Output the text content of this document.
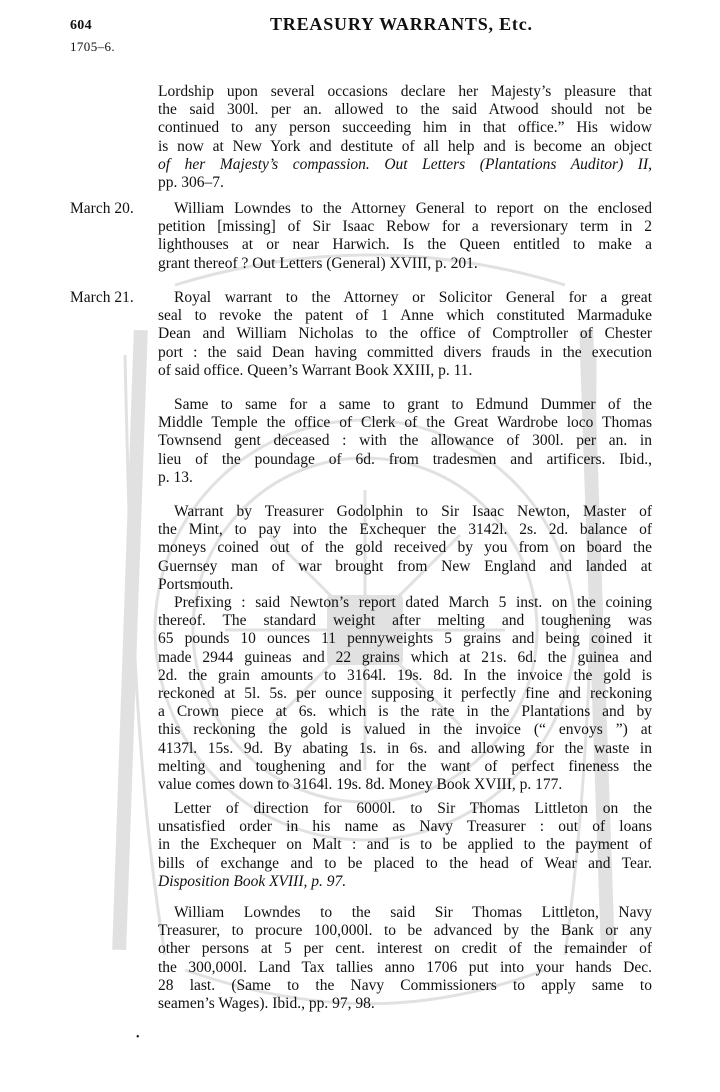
604	TREASURY WARRANTS, Etc.
1705–6.

Lordship upon several occasions declare her Majesty’s pleasure that
the said 300l. per an. allowed to the said Atwood should not be
continued to any person succeeding him in that office.” His widow
is now at New York and destitute of all help and is become an object
of her Majesty’s compassion. Out Letters (Plantations Auditor) II,
pp. 306–7.

March 20.	William Lowndes to the Attorney General to report on the enclosed
petition [missing] of Sir Isaac Rebow for a reversionary term in 2
lighthouses at or near Harwich. Is the Queen entitled to make a
grant thereof ? Out Letters (General) XVIII, p. 201.

March 21.	Royal warrant to the Attorney or Solicitor General for a great
seal to revoke the patent of 1 Anne which constituted Marmaduke
Dean and William Nicholas to the office of Comptroller of Chester
port : the said Dean having committed divers frauds in the execution
of said office. Queen’s Warrant Book XXIII, p. 11.

Same to same for a same to grant to Edmund Dummer of the
Middle Temple the office of Clerk of the Great Wardrobe loco Thomas
Townsend gent deceased : with the allowance of 300l. per an. in
lieu of the poundage of 6d. from tradesmen and artificers. Ibid.,
p. 13.

Warrant by Treasurer Godolphin to Sir Isaac Newton, Master of
the Mint, to pay into the Exchequer the 3142l. 2s. 2d. balance of
moneys coined out of the gold received by you from on board the
Guernsey man of war brought from New England and landed at
Portsmouth.
Prefixing : said Newton’s report dated March 5 inst. on the coining
thereof. The standard weight after melting and toughening was
65 pounds 10 ounces 11 pennyweights 5 grains and being coined it
made 2944 guineas and 22 grains which at 21s. 6d. the guinea and
2d. the grain amounts to 3164l. 19s. 8d. In the invoice the gold is
reckoned at 5l. 5s. per ounce supposing it perfectly fine and reckoning
a Crown piece at 6s. which is the rate in the Plantations and by
this reckoning the gold is valued in the invoice (“ envoys ”) at
4137l. 15s. 9d. By abating 1s. in 6s. and allowing for the waste in
melting and toughening and for the want of perfect fineness the
value comes down to 3164l. 19s. 8d. Money Book XVIII, p. 177.

Letter of direction for 6000l. to Sir Thomas Littleton on the
unsatisfied order in his name as Navy Treasurer : out of loans
in the Exchequer on Malt : and is to be applied to the payment of
bills of exchange and to be placed to the head of Wear and Tear.
Disposition Book XVIII, p. 97.

William Lowndes to the said Sir Thomas Littleton, Navy
Treasurer, to procure 100,000l. to be advanced by the Bank or any
other persons at 5 per cent. interest on credit of the remainder of
the 300,000l. Land Tax tallies anno 1706 put into your hands Dec.
28 last. (Same to the Navy Commissioners to apply same to
seamen’s Wages). Ibid., pp. 97, 98.

•
